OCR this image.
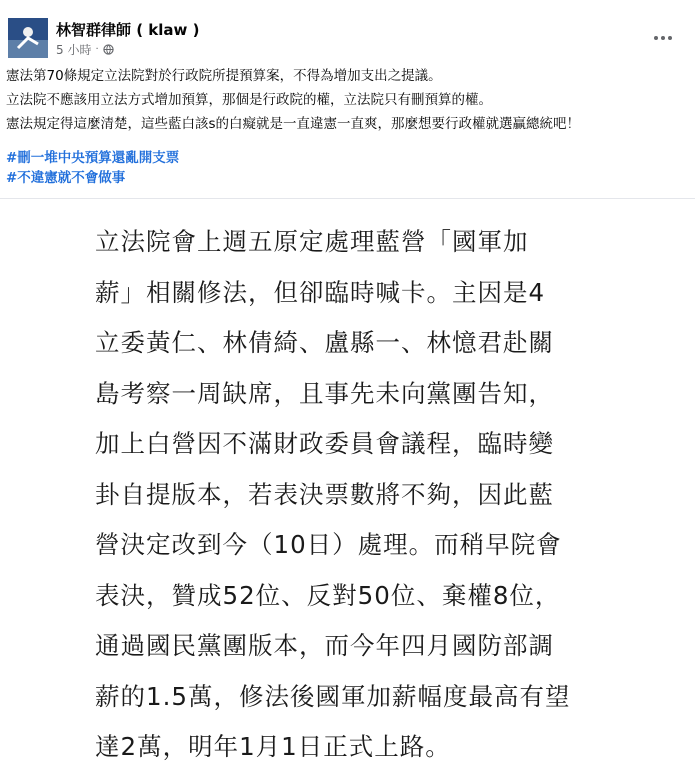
林智群律師 ( klaw )
5 小時 ·

憲法第70條規定立法院對於行政院所提預算案，不得為增加支出之提議。

立法院不應該用立法方式增加預算，那個是行政院的權，立法院只有刪預算的權。

憲法規定得這麼清楚，這些藍白該s的白癡就是一直違憲一直爽，那麼想要行政權就選贏總統吧！

#刪一堆中央預算還亂開支票
#不違憲就不會做事
立法院會上週五原定處理藍營「國軍加
薪」相關修法，但卻臨時喊卡。主因是4
立委黃仁、林倩綺、盧縣一、林憶君赴關
島考察一周缺席，且事先未向黨團告知，
加上白營因不滿財政委員會議程，臨時變
卦自提版本，若表決票數將不夠，因此藍
營決定改到今（10日）處理。而稍早院會
表決，贊成52位、反對50位、棄權8位，
通過國民黨團版本，而今年四月國防部調
薪的1.5萬，修法後國軍加薪幅度最高有望
達2萬，明年1月1日正式上路。
